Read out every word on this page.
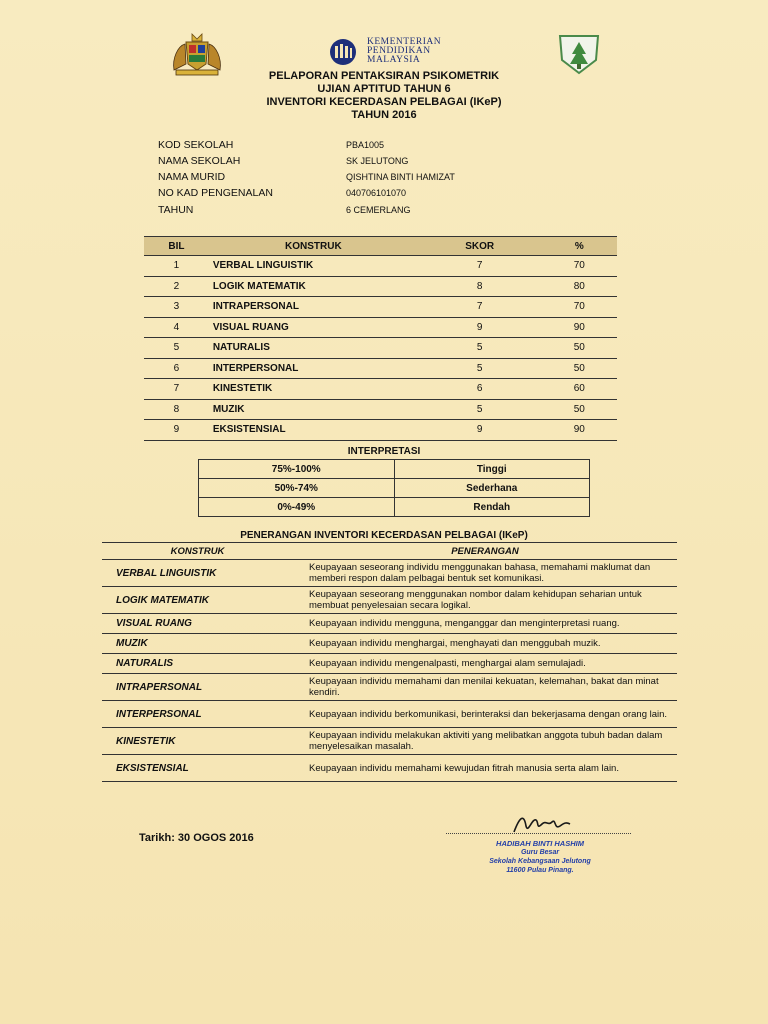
KEMENTERIAN
PENDIDIKAN
MALAYSIA
PELAPORAN PENTAKSIRAN PSIKOMETRIK
UJIAN APTITUD TAHUN 6
INVENTORI KECERDASAN PELBAGAI (IKeP)
TAHUN 2016
KOD SEKOLAH	PBA1005
NAMA SEKOLAH	SK JELUTONG
NAMA MURID	QISHTINA BINTI HAMIZAT
NO KAD PENGENALAN	040706101070
TAHUN	6 CEMERLANG
BIL	KONSTRUK	SKOR	%
1	VERBAL LINGUISTIK	7	70
2	LOGIK MATEMATIK	8	80
3	INTRAPERSONAL	7	70
4	VISUAL RUANG	9	90
5	NATURALIS	5	50
6	INTERPERSONAL	5	50
7	KINESTETIK	6	60
8	MUZIK	5	50
9	EKSISTENSIAL	9	90
INTERPRETASI
75%-100%	Tinggi
50%-74%	Sederhana
0%-49%	Rendah
PENERANGAN INVENTORI KECERDASAN PELBAGAI (IKeP)
KONSTRUK	PENERANGAN
VERBAL LINGUISTIK	Keupayaan seseorang individu menggunakan bahasa, memahami maklumat dan memberi respon dalam pelbagai bentuk set komunikasi.
LOGIK MATEMATIK	Keupayaan seseorang menggunakan nombor dalam kehidupan seharian untuk membuat penyelesaian secara logikal.
VISUAL RUANG	Keupayaan individu mengguna, menganggar dan menginterpretasi ruang.
MUZIK	Keupayaan individu menghargai, menghayati dan menggubah muzik.
NATURALIS	Keupayaan individu mengenalpasti, menghargai alam semulajadi.
INTRAPERSONAL	Keupayaan individu memahami dan menilai kekuatan, kelemahan, bakat dan minat kendiri.
INTERPERSONAL	Keupayaan individu berkomunikasi, berinteraksi dan bekerjasama dengan orang lain.
KINESTETIK	Keupayaan individu melakukan aktiviti yang melibatkan anggota tubuh badan dalam menyelesaikan masalah.
EKSISTENSIAL	Keupayaan individu memahami kewujudan fitrah manusia serta alam lain.
Tarikh: 30 OGOS 2016	HADIBAH BINTI HASHIM
Guru Besar
Sekolah Kebangsaan Jelutong
11600 Pulau Pinang.
